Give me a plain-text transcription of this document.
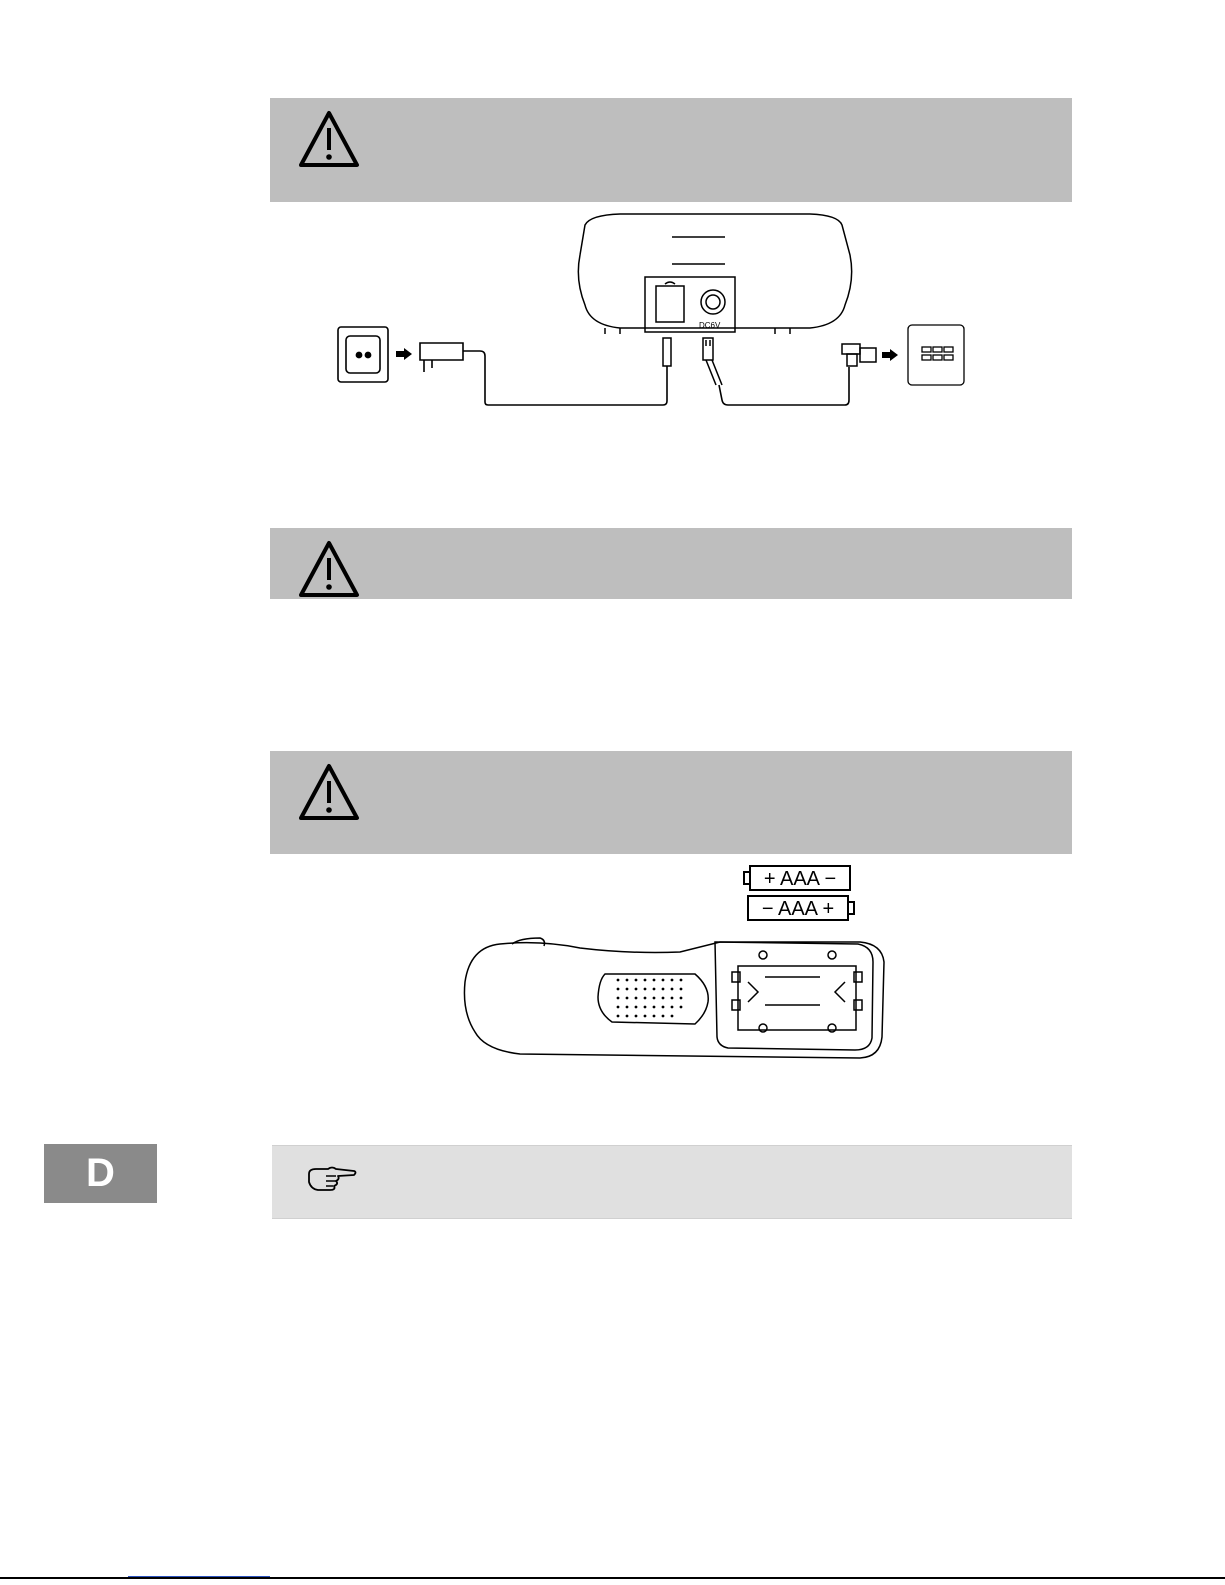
DC6V
+ AAA −
− AAA +
D
